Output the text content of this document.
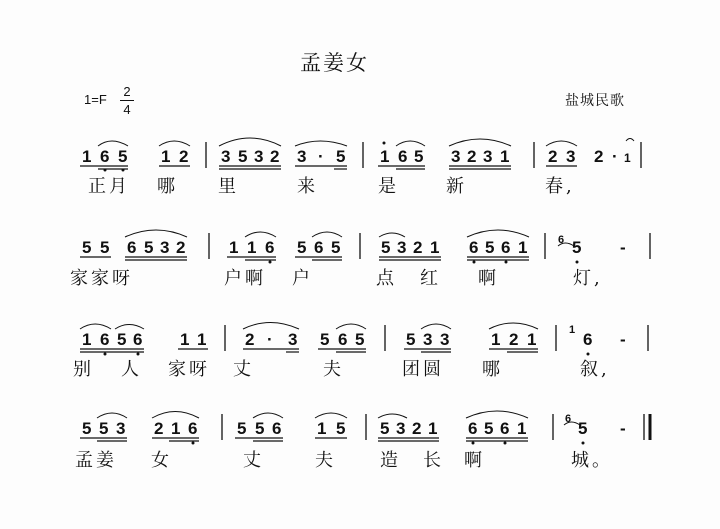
孟姜女
1=F
2
4
盐城民歌
1 6 5 1 2 3 5 3 2 3 · 5 1 6 5 3 2 3 1 2 3 2 · 1
5 5 6 5 3 2	1 1 6 5 6 5 5 3 2 1 6 5 6 1	6 5 -
1 6 5 6 1 1 2 · 3 5 6 5 5 3 3 1 2 1	1 6 -
5 5 3 2 1 6 5 5 6 1 5 5 3 2 1 6 5 6 1	6 5 -
正月 哪 里	来	是	新	春,
家家呀	户啊 户	点 红 啊	灯,
别 人 家呀 丈	夫	团圆 哪	叙,
孟姜 女	丈	夫 造 长 啊	城。
